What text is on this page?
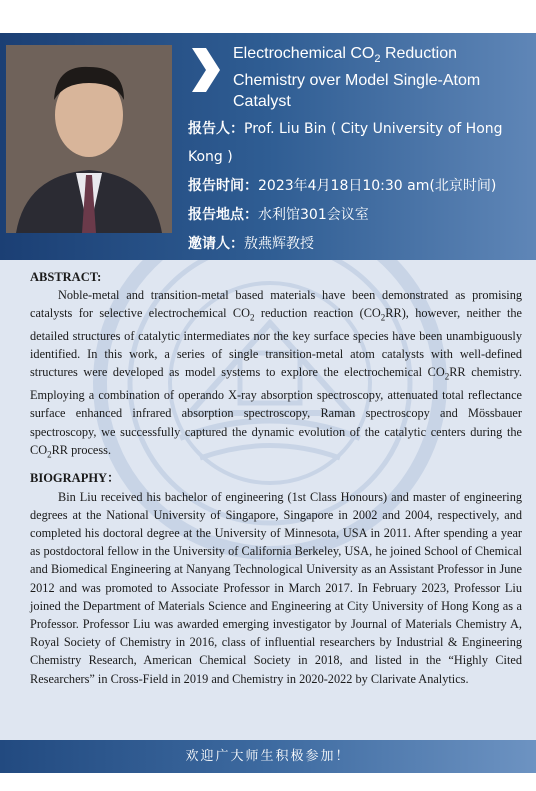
Electrochemical $CO_2$ Reduction Chemistry over Model Single-Atom Catalyst
报告人：Prof. Liu Bin ( City University of Hong Kong )
报告时间：2023年4月18日10:30 am(北京时间)
报告地点：水利馆301会议室
邀请人：敖燕辉教授
ABSTRACT:

Noble-metal and transition-metal based materials have been demonstrated as promising catalysts for selective electrochemical $CO_2$ reduction reaction $(CO_2RR)$, however, neither the detailed structures of catalytic intermediates nor the key surface species have been unambiguously identified. In this work, a series of single transition-metal atom catalysts with well-defined structures were developed as model systems to explore the electrochemical $CO_2RR$ chemistry. Employing a combination of operando X-ray absorption spectroscopy, attenuated total reflectance surface enhanced infrared absorption spectroscopy, Raman spectroscopy and Mössbauer spectroscopy, we successfully captured the dynamic evolution of the catalytic centers during the $CO_2RR$ process.

BIOGRAPHY：

Bin Liu received his bachelor of engineering (1st Class Honours) and master of engineering degrees at the National University of Singapore, Singapore in 2002 and 2004, respectively, and completed his doctoral degree at the University of Minnesota, USA in 2011. After spending a year as postdoctoral fellow in the University of California Berkeley, USA, he joined School of Chemical and Biomedical Engineering at Nanyang Technological University as an Assistant Professor in June 2012 and was promoted to Associate Professor in March 2017. In February 2023, Professor Liu joined the Department of Materials Science and Engineering at City University of Hong Kong as a Professor. Professor Liu was awarded emerging investigator by Journal of Materials Chemistry A, Royal Society of Chemistry in 2016, class of influential researchers by Industrial & Engineering Chemistry Research, American Chemical Society in 2018, and listed in the “Highly Cited Researchers” in Cross-Field in 2019 and Chemistry in 2020-2022 by Clarivate Analytics.

欢迎广大师生积极参加！
